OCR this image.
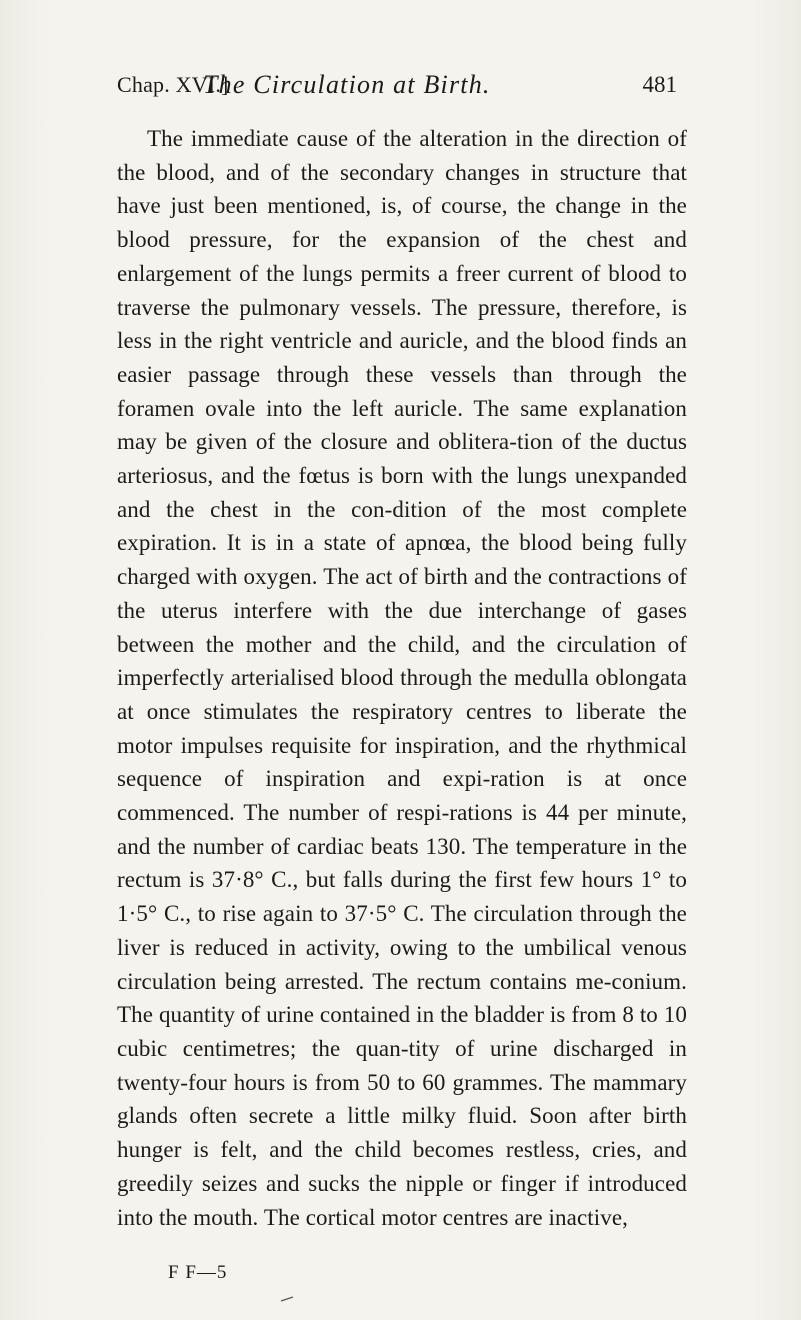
Chap. XVI.]
The Circulation at Birth.	481

The immediate cause of the alteration in the direction of the blood, and of the secondary changes in structure that have just been mentioned, is, of course, the change in the blood pressure, for the expansion of the chest and enlargement of the lungs permits a freer current of blood to traverse the pulmonary vessels. The pressure, therefore, is less in the right ventricle and auricle, and the blood finds an easier passage through these vessels than through the foramen ovale into the left auricle. The same explanation may be given of the closure and oblitera-tion of the ductus arteriosus, and the fœtus is born with the lungs unexpanded and the chest in the con-dition of the most complete expiration. It is in a state of apnœa, the blood being fully charged with oxygen. The act of birth and the contractions of the uterus interfere with the due interchange of gases between the mother and the child, and the circulation of imperfectly arterialised blood through the medulla oblongata at once stimulates the respiratory centres to liberate the motor impulses requisite for inspiration, and the rhythmical sequence of inspiration and expi-ration is at once commenced. The number of respi-rations is 44 per minute, and the number of cardiac beats 130. The temperature in the rectum is 37·8° C., but falls during the first few hours 1° to 1·5° C., to rise again to 37·5° C. The circulation through the liver is reduced in activity, owing to the umbilical venous circulation being arrested. The rectum contains me-conium. The quantity of urine contained in the bladder is from 8 to 10 cubic centimetres; the quan-tity of urine discharged in twenty-four hours is from 50 to 60 grammes. The mammary glands often secrete a little milky fluid. Soon after birth hunger is felt, and the child becomes restless, cries, and greedily seizes and sucks the nipple or finger if introduced into the mouth. The cortical motor centres are inactive,

F F—5
